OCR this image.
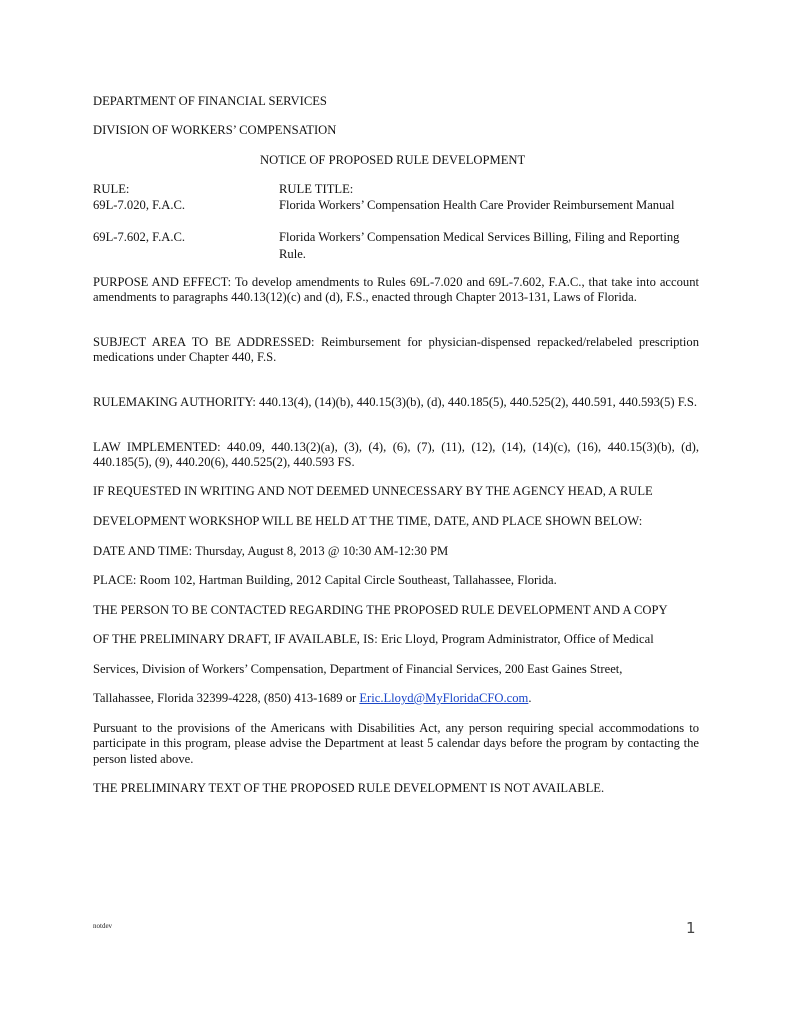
DEPARTMENT OF FINANCIAL SERVICES
DIVISION OF WORKERS’ COMPENSATION
NOTICE OF PROPOSED RULE DEVELOPMENT
RULE:	RULE TITLE:
69L-7.020, F.A.C.	Florida Workers’ Compensation Health Care Provider Reimbursement Manual
69L-7.602, F.A.C.	Florida Workers’ Compensation Medical Services Billing, Filing and Reporting Rule.
PURPOSE AND EFFECT: To develop amendments to Rules 69L-7.020 and 69L-7.602, F.A.C., that take into account amendments to paragraphs 440.13(12)(c) and (d), F.S., enacted through Chapter 2013-131, Laws of Florida.
SUBJECT AREA TO BE ADDRESSED: Reimbursement for physician-dispensed repacked/relabeled prescription medications under Chapter 440, F.S.
RULEMAKING AUTHORITY: 440.13(4), (14)(b), 440.15(3)(b), (d), 440.185(5), 440.525(2), 440.591, 440.593(5) F.S.
LAW IMPLEMENTED: 440.09, 440.13(2)(a), (3), (4), (6), (7), (11), (12), (14), (14)(c), (16), 440.15(3)(b), (d), 440.185(5), (9), 440.20(6), 440.525(2), 440.593 FS.
IF REQUESTED IN WRITING AND NOT DEEMED UNNECESSARY BY THE AGENCY HEAD, A RULE
DEVELOPMENT WORKSHOP WILL BE HELD AT THE TIME, DATE, AND PLACE SHOWN BELOW:
DATE AND TIME: Thursday, August 8, 2013 @ 10:30 AM-12:30 PM
PLACE: Room 102, Hartman Building, 2012 Capital Circle Southeast, Tallahassee, Florida.
THE PERSON TO BE CONTACTED REGARDING THE PROPOSED RULE DEVELOPMENT AND A COPY
OF THE PRELIMINARY DRAFT, IF AVAILABLE, IS: Eric Lloyd, Program Administrator, Office of Medical
Services, Division of Workers’ Compensation, Department of Financial Services, 200 East Gaines Street,
Tallahassee, Florida 32399-4228, (850) 413-1689 or Eric.Lloyd@MyFloridaCFO.com.
Pursuant to the provisions of the Americans with Disabilities Act, any person requiring special accommodations to participate in this program, please advise the Department at least 5 calendar days before the program by contacting the person listed above.
THE PRELIMINARY TEXT OF THE PROPOSED RULE DEVELOPMENT IS NOT AVAILABLE.
notdev	1
